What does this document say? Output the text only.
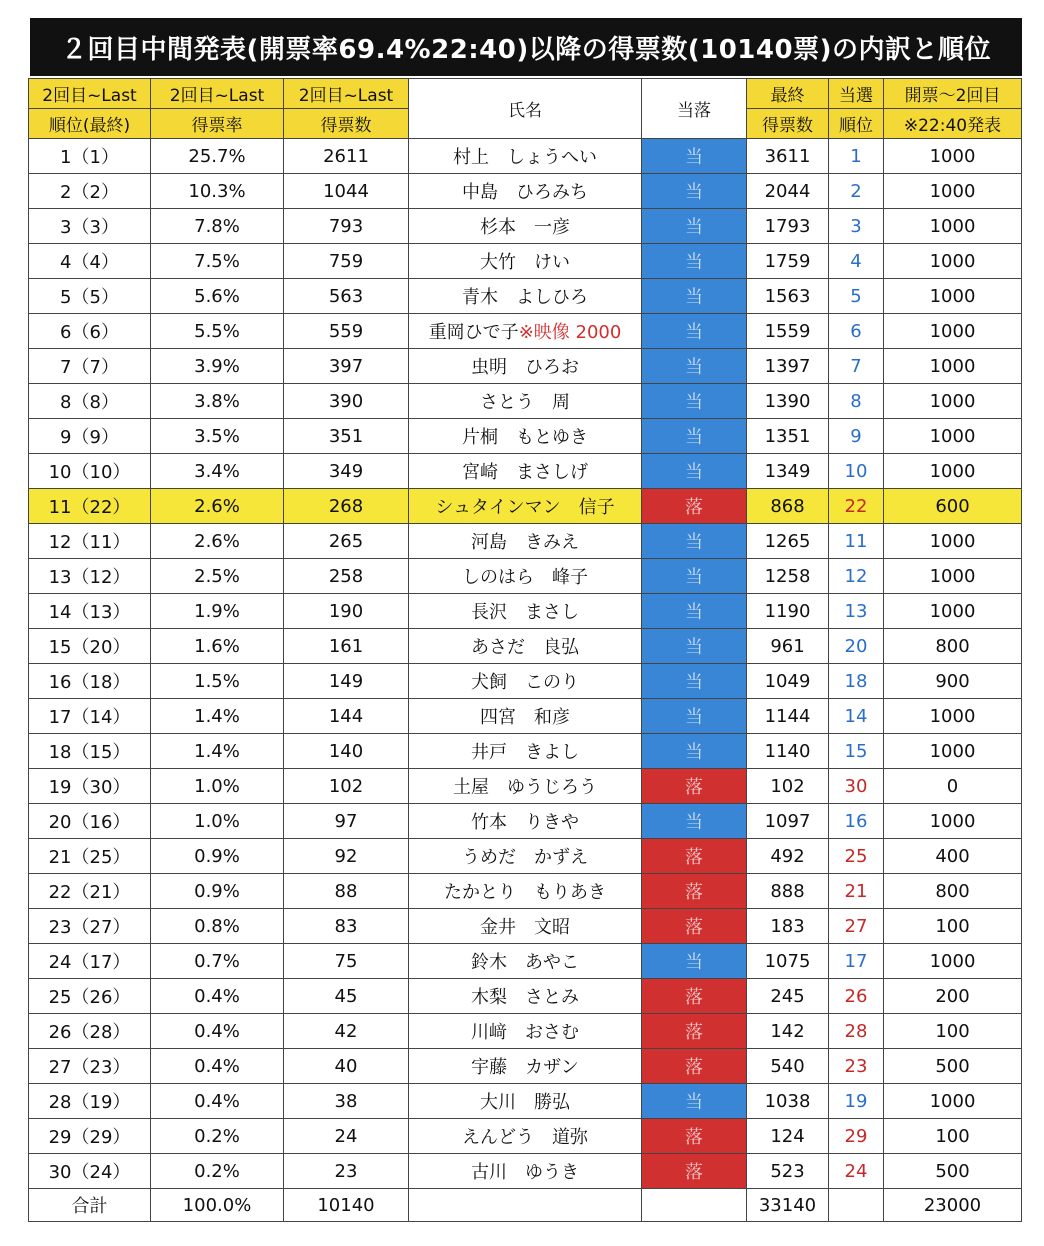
２回目中間発表(開票率69.4%22:40)以降の得票数(10140票)の内訳と順位
2回目~Last	2回目~Last	2回目~Last	氏名	当落	最終	当選	開票～2回目
順位(最終)	得票率	得票数			得票数	順位	※22:40発表
1（1）	25.7%	2611	村上　しょうへい	当	3611	1	1000
2（2）	10.3%	1044	中島　ひろみち	当	2044	2	1000
3（3）	7.8%	793	杉本　一彦	当	1793	3	1000
4（4）	7.5%	759	大竹　けい	当	1759	4	1000
5（5）	5.6%	563	青木　よしひろ	当	1563	5	1000
6（6）	5.5%	559	重岡ひで子※映像 2000	当	1559	6	1000
7（7）	3.9%	397	虫明　ひろお	当	1397	7	1000
8（8）	3.8%	390	さとう　周	当	1390	8	1000
9（9）	3.5%	351	片桐　もとゆき	当	1351	9	1000
10（10）	3.4%	349	宮崎　まさしげ	当	1349	10	1000
11（22）	2.6%	268	シュタインマン　信子	落	868	22	600
12（11）	2.6%	265	河島　きみえ	当	1265	11	1000
13（12）	2.5%	258	しのはら　峰子	当	1258	12	1000
14（13）	1.9%	190	長沢　まさし	当	1190	13	1000
15（20）	1.6%	161	あさだ　良弘	当	961	20	800
16（18）	1.5%	149	犬飼　このり	当	1049	18	900
17（14）	1.4%	144	四宮　和彦	当	1144	14	1000
18（15）	1.4%	140	井戸　きよし	当	1140	15	1000
19（30）	1.0%	102	土屋　ゆうじろう	落	102	30	0
20（16）	1.0%	97	竹本　りきや	当	1097	16	1000
21（25）	0.9%	92	うめだ　かずえ	落	492	25	400
22（21）	0.9%	88	たかとり　もりあき	落	888	21	800
23（27）	0.8%	83	金井　文昭	落	183	27	100
24（17）	0.7%	75	鈴木　あやこ	当	1075	17	1000
25（26）	0.4%	45	木梨　さとみ	落	245	26	200
26（28）	0.4%	42	川﨑　おさむ	落	142	28	100
27（23）	0.4%	40	宇藤　カザン	落	540	23	500
28（19）	0.4%	38	大川　勝弘	当	1038	19	1000
29（29）	0.2%	24	えんどう　道弥	落	124	29	100
30（24）	0.2%	23	古川　ゆうき	落	523	24	500
合計	100.0%	10140			33140		23000
